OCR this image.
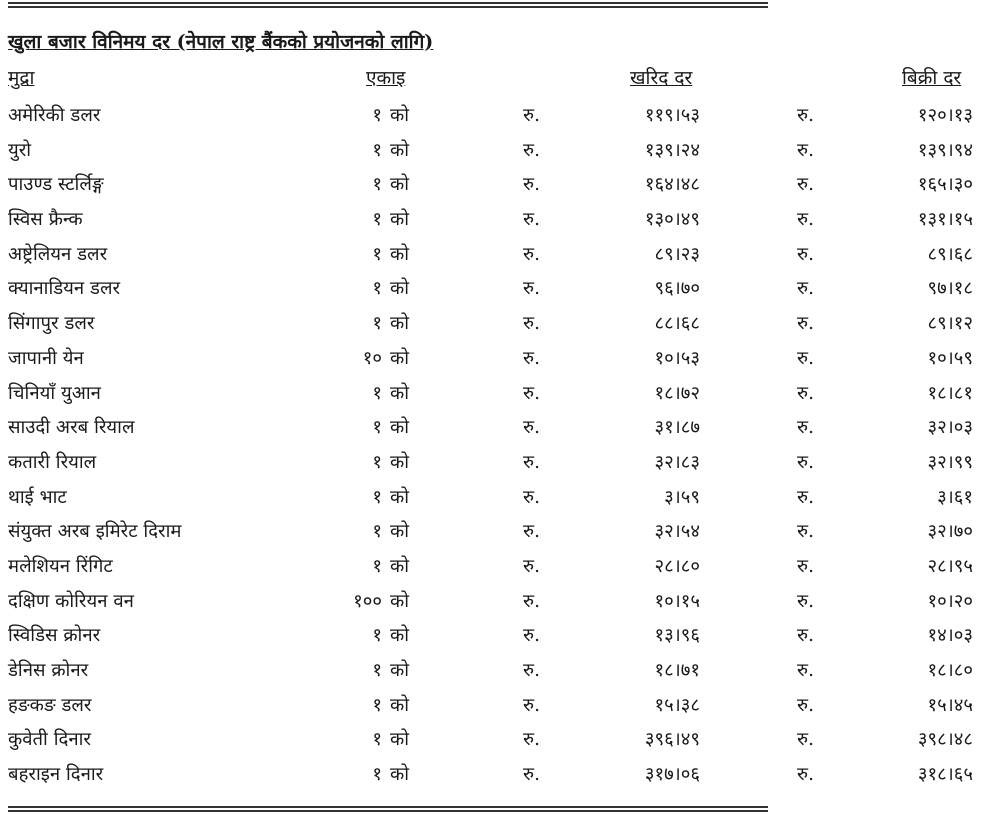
खुला बजार विनिमय दर (नेपाल राष्ट्र बैंकको प्रयोजनको लागि)
मुद्रा	एकाइ	खरिद दर	बिक्री दर
अमेरिकी डलर	१ को	रु.	११९।५३	रु.	१२०।१३
युरो	१ को	रु.	१३९।२४	रु.	१३९।९४
पाउण्ड स्टर्लिङ्ग	१ को	रु.	१६४।४८	रु.	१६५।३०
स्विस फ्रैन्क	१ को	रु.	१३०।४९	रु.	१३१।१५
अष्ट्रेलियन डलर	१ को	रु.	८९।२३	रु.	८९।६८
क्यानाडियन डलर	१ को	रु.	९६।७०	रु.	९७।१८
सिंगापुर डलर	१ को	रु.	८८।६८	रु.	८९।१२
जापानी येन	१० को	रु.	१०।५३	रु.	१०।५९
चिनियाँ युआन	१ को	रु.	१८।७२	रु.	१८।८१
साउदी अरब रियाल	१ को	रु.	३१।८७	रु.	३२।०३
कतारी रियाल	१ को	रु.	३२।८३	रु.	३२।९९
थाई भाट	१ को	रु.	३।५९	रु.	३।६१
संयुक्त अरब इमिरेट दिराम	१ को	रु.	३२।५४	रु.	३२।७०
मलेशियन रिंगिट	१ को	रु.	२८।८०	रु.	२८।९५
दक्षिण कोरियन वन	१०० को	रु.	१०।१५	रु.	१०।२०
स्विडिस क्रोनर	१ को	रु.	१३।९६	रु.	१४।०३
डेनिस क्रोनर	१ को	रु.	१८।७१	रु.	१८।८०
हङकङ डलर	१ को	रु.	१५।३८	रु.	१५।४५
कुवेती दिनार	१ को	रु.	३९६।४९	रु.	३९८।४८
बहराइन दिनार	१ को	रु.	३१७।०६	रु.	३१८।६५
